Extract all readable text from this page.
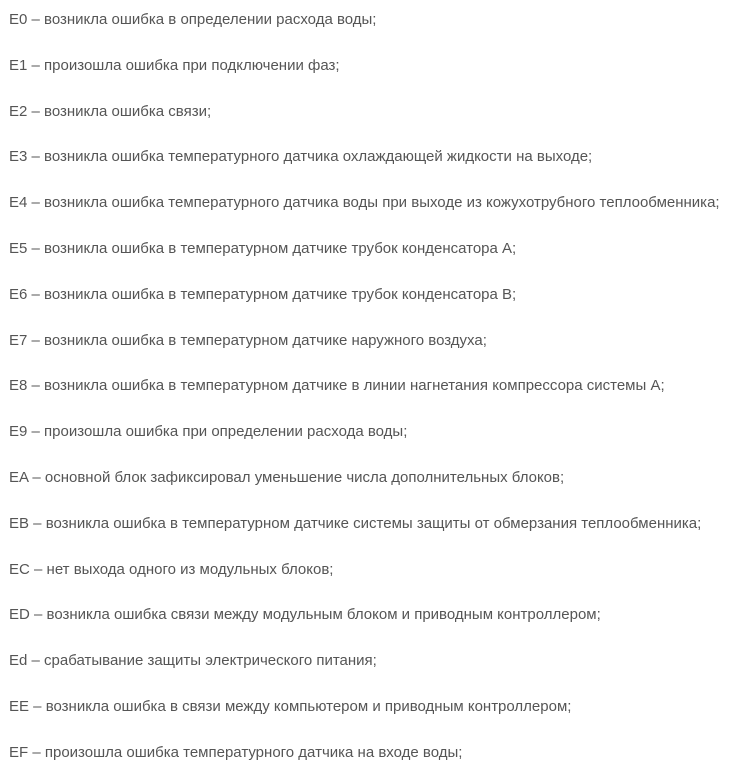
E0 – возникла ошибка в определении расхода воды;

E1 – произошла ошибка при подключении фаз;

E2 – возникла ошибка связи;

E3 – возникла ошибка температурного датчика охлаждающей жидкости на выходе;

E4 – возникла ошибка температурного датчика воды при выходе из кожухотрубного теплообменника;

E5 – возникла ошибка в температурном датчике трубок конденсатора А;

E6 – возникла ошибка в температурном датчике трубок конденсатора В;

E7 – возникла ошибка в температурном датчике наружного воздуха;

E8 – возникла ошибка в температурном датчике в линии нагнетания компрессора системы А;

E9 – произошла ошибка при определении расхода воды;

EA – основной блок зафиксировал уменьшение числа дополнительных блоков;

EB – возникла ошибка в температурном датчике системы защиты от обмерзания теплообменника;

EC – нет выхода одного из модульных блоков;

ED – возникла ошибка связи между модульным блоком и приводным контроллером;

Ed – срабатывание защиты электрического питания;

EE – возникла ошибка в связи между компьютером и приводным контроллером;

EF – произошла ошибка температурного датчика на входе воды;
